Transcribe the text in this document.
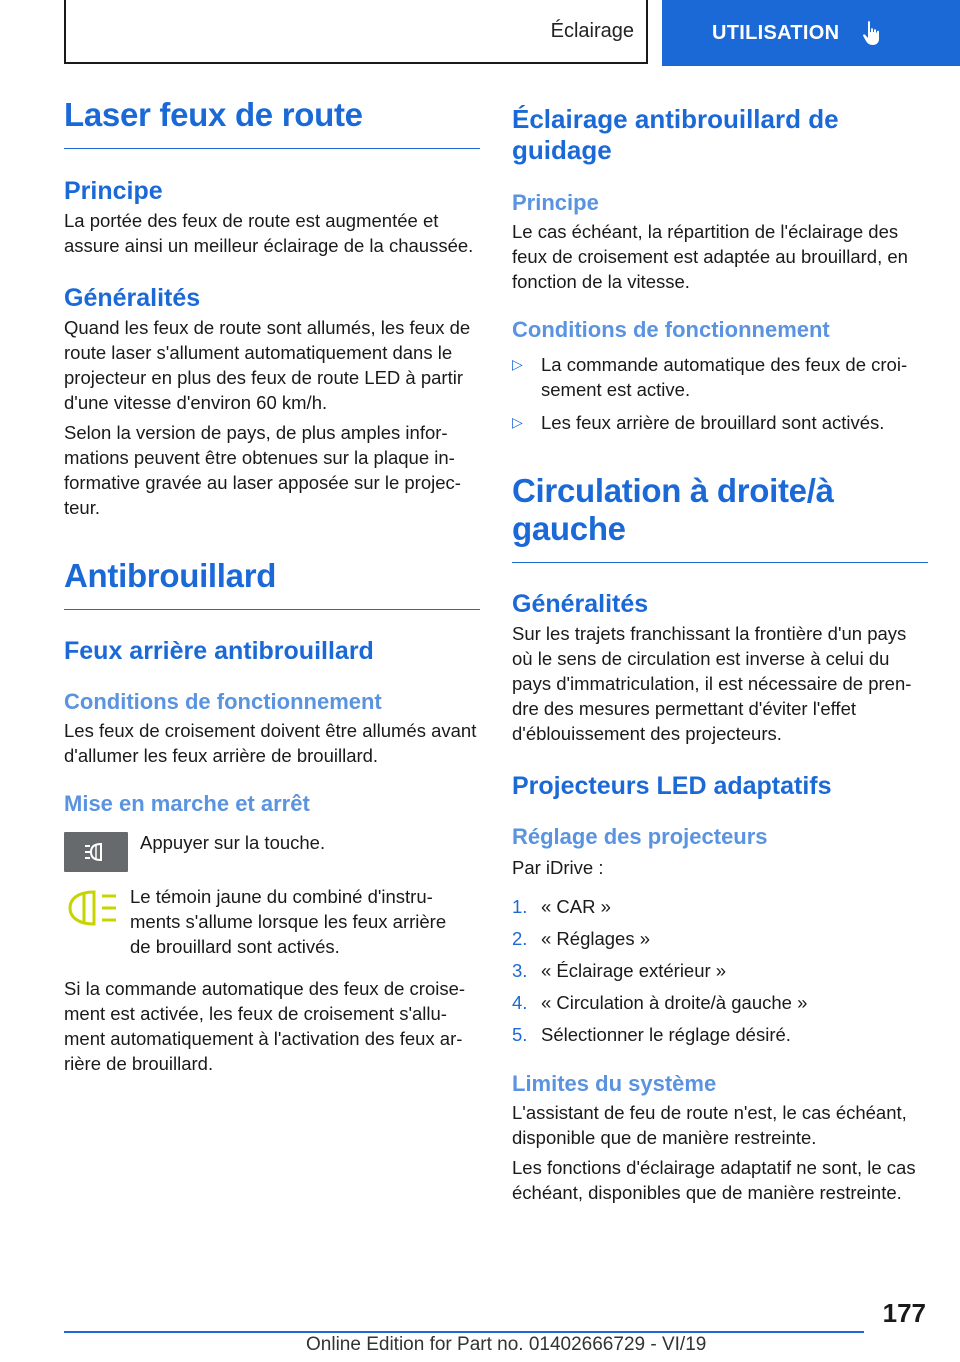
Éclairage	UTILISATION
Laser feux de route
Principe

La portée des feux de route est augmentée et assure ainsi un meilleur éclairage de la chaussée.

Généralités

Quand les feux de route sont allumés, les feux de route laser s'allument automatiquement dans le projecteur en plus des feux de route LED à partir d'une vitesse d'environ 60 km/h.

Selon la version de pays, de plus amples informations peuvent être obtenues sur la plaque informative gravée au laser apposée sur le projecteur.

Antibrouillard
Feux arrière antibrouillard
Conditions de fonctionnement

Les feux de croisement doivent être allumés avant d'allumer les feux arrière de brouillard.

Mise en marche et arrêt

Appuyer sur la touche.

Le témoin jaune du combiné d'instruments s'allume lorsque les feux arrière de brouillard sont activés.

Si la commande automatique des feux de croisement est activée, les feux de croisement s'allument automatiquement à l'activation des feux arrière de brouillard.

Éclairage antibrouillard de guidage
Principe

Le cas échéant, la répartition de l'éclairage des feux de croisement est adaptée au brouillard, en fonction de la vitesse.

Conditions de fonctionnement
▷ La commande automatique des feux de croisement est active.
▷ Les feux arrière de brouillard sont activés.
Circulation à droite/à gauche
Généralités

Sur les trajets franchissant la frontière d'un pays où le sens de circulation est inverse à celui du pays d'immatriculation, il est nécessaire de prendre des mesures permettant d'éviter l'effet d'éblouissement des projecteurs.

Projecteurs LED adaptatifs
Réglage des projecteurs

Par iDrive :

1. « CAR »
2. « Réglages »
3. « Éclairage extérieur »
4. « Circulation à droite/à gauche »
5. Sélectionner le réglage désiré.
Limites du système

L'assistant de feu de route n'est, le cas échéant, disponible que de manière restreinte.

Les fonctions d'éclairage adaptatif ne sont, le cas échéant, disponibles que de manière restreinte.

177
Online Edition for Part no. 01402666729 - VI/19
